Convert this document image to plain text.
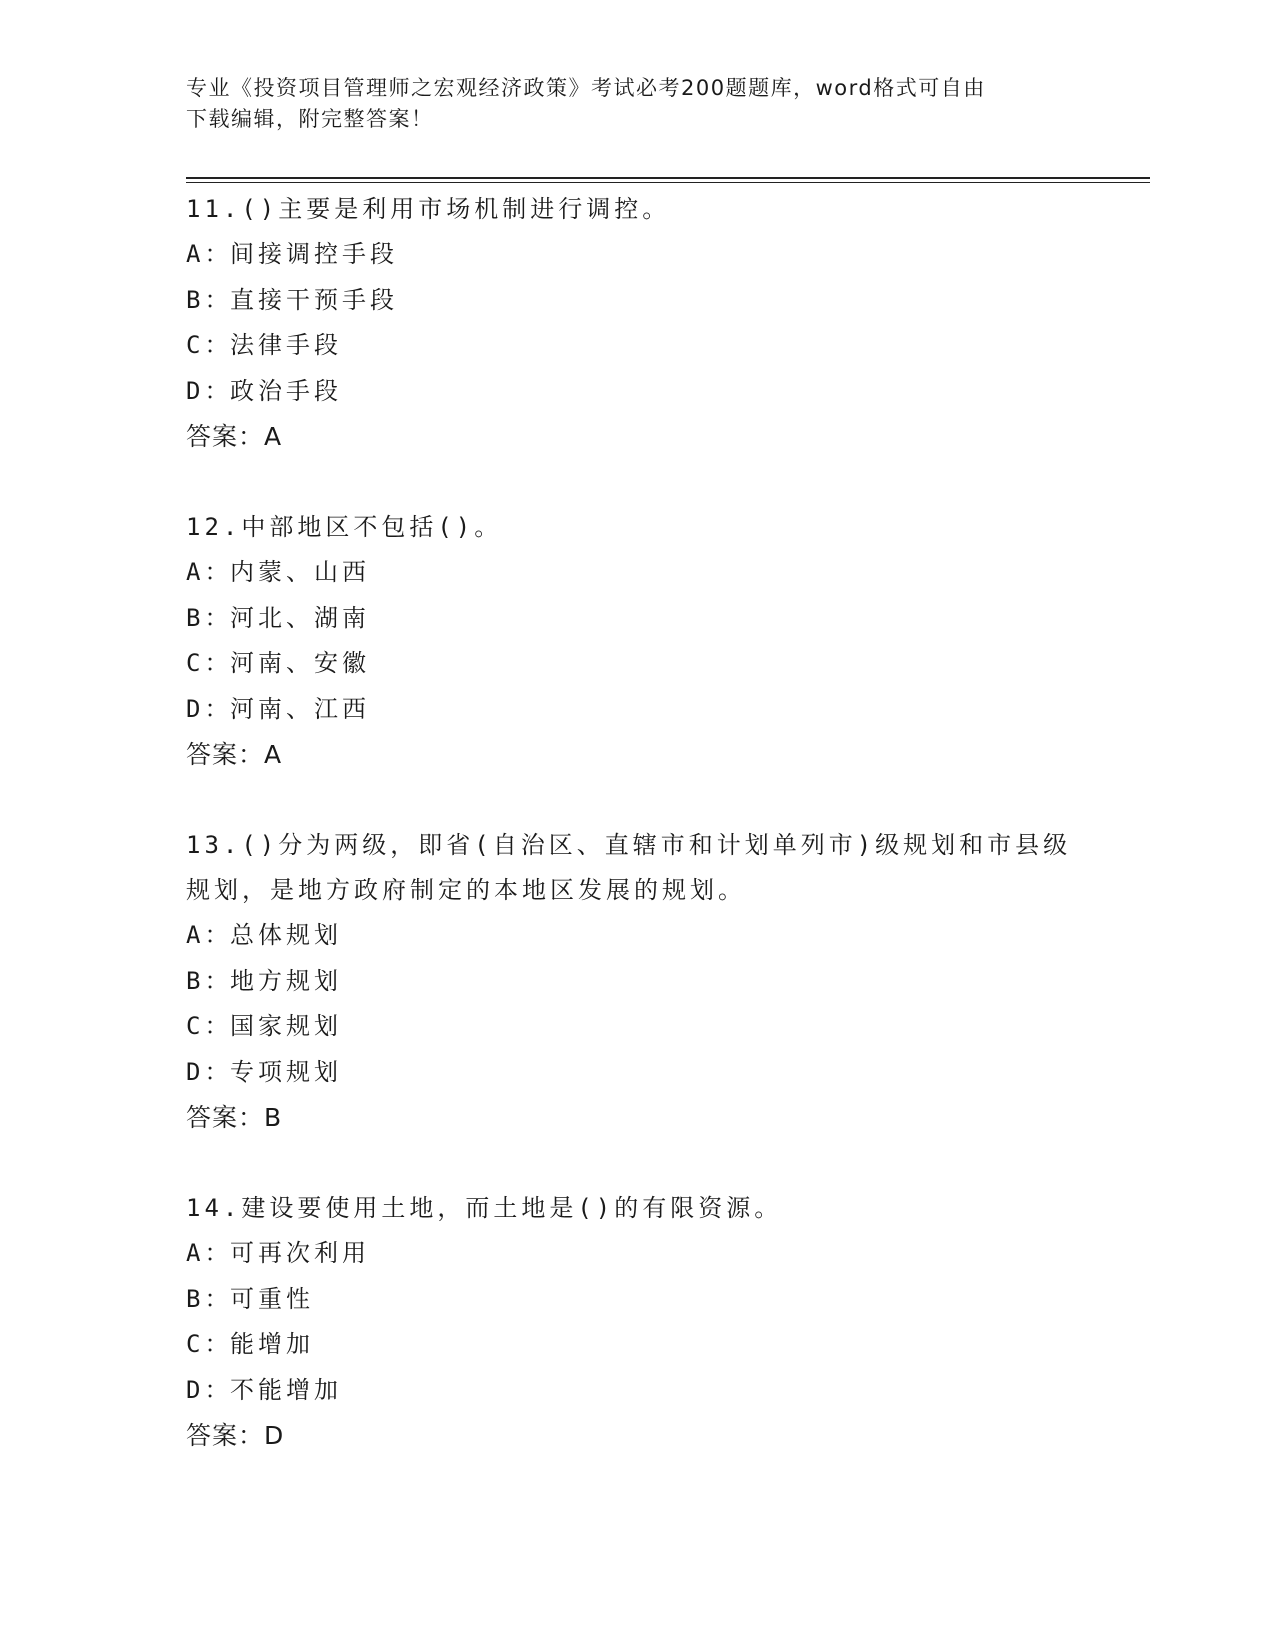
专业《投资项目管理师之宏观经济政策》考试必考200题题库，word格式可自由
下载编辑，附完整答案！
11.()主要是利用市场机制进行调控。
A：
间接调控手段
B：
直接干预手段
C：
法律手段
D：
政治手段
答案： A
12.中部地区不包括()。
A：
内蒙、山西
B：
河北、湖南
C：
河南、安徽
D：
河南、江西
答案： A
13.()分为两级，即省(自治区、直辖市和计划单列市)级规划和市县级规划，是地方政府制定的本地区发展的规划。
A：
总体规划
B：
地方规划
C：
国家规划
D：
专项规划
答案： B
14.建设要使用土地，而土地是()的有限资源。
A：
可再次利用
B：
可重性
C：
能增加
D：
不能增加
答案： D
